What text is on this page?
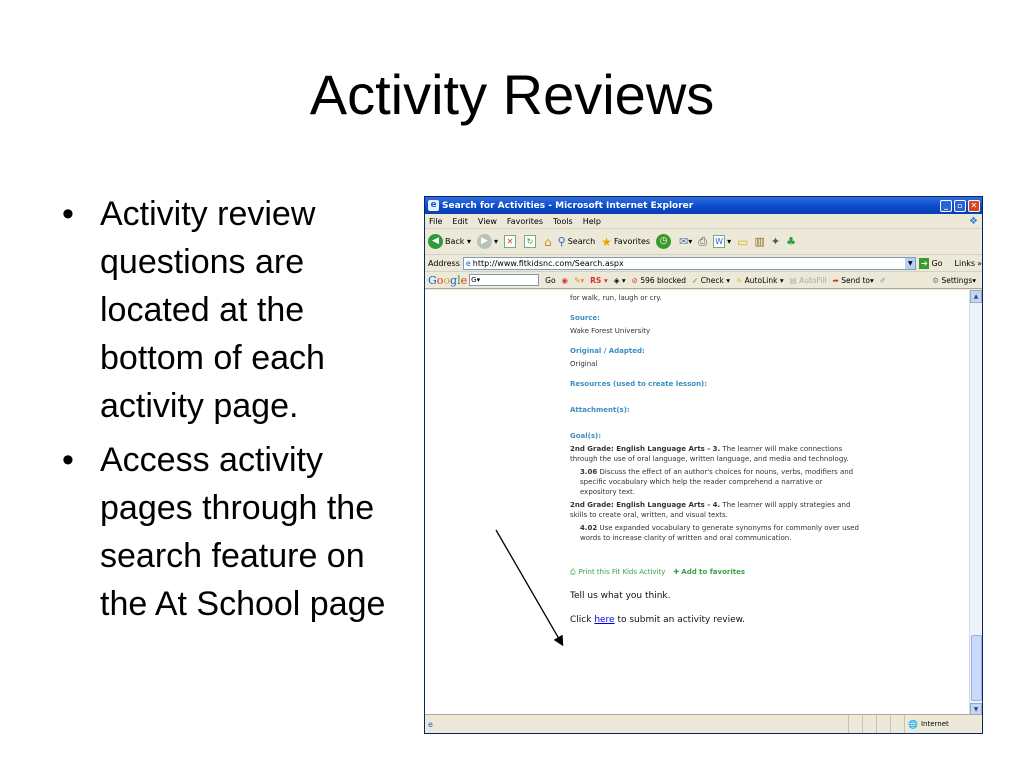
Activity Reviews
• Activity review questions are located at the bottom of each activity page.
• Access activity pages through the search feature on the At School page
e Search for Activities - Microsoft Internet Explorer	_	▫ ✕
File Edit View Favorites Tools Help	❖
◀ Back ▾	▶ ▾	✕	↻ ⌂ ⚲ Search ★ Favorites	◷	✉ ▾ ⎙ W ▾ ▭ ▥ ✦ ♣
Address e http://www.fitkidsnc.com/Search.aspx	▼	➔ Go Links »
Google G▾	Go ◉ ✎▾ RS ▾ ◈ ▾ ⊘ 596 blocked ✓ Check ▾ ✧ AutoLink ▾ ▤ AutoFill ➦ Send to▾ ✐	⚙ Settings▾

for walk, run, laugh or cry.

Source:

Wake Forest University

Original / Adapted:

Original

Resources (used to create lesson):
Attachment(s):
Goal(s):

2nd Grade: English Language Arts - 3. The learner will make connections through the use of oral language, written language, and media and technology.

3.06 Discuss the effect of an author's choices for nouns, verbs, modifiers and specific vocabulary which help the reader comprehend a narrative or expository text.

2nd Grade: English Language Arts - 4. The learner will apply strategies and skills to create oral, written, and visual texts.

4.02 Use expanded vocabulary to generate synonyms for commonly over used words to increase clarity of written and oral communication.

⎙ Print this Fit Kids Activity ✚ Add to favorites
Tell us what you think.
Click here to submit an activity review.
▲
▼
e	🌐 Internet
